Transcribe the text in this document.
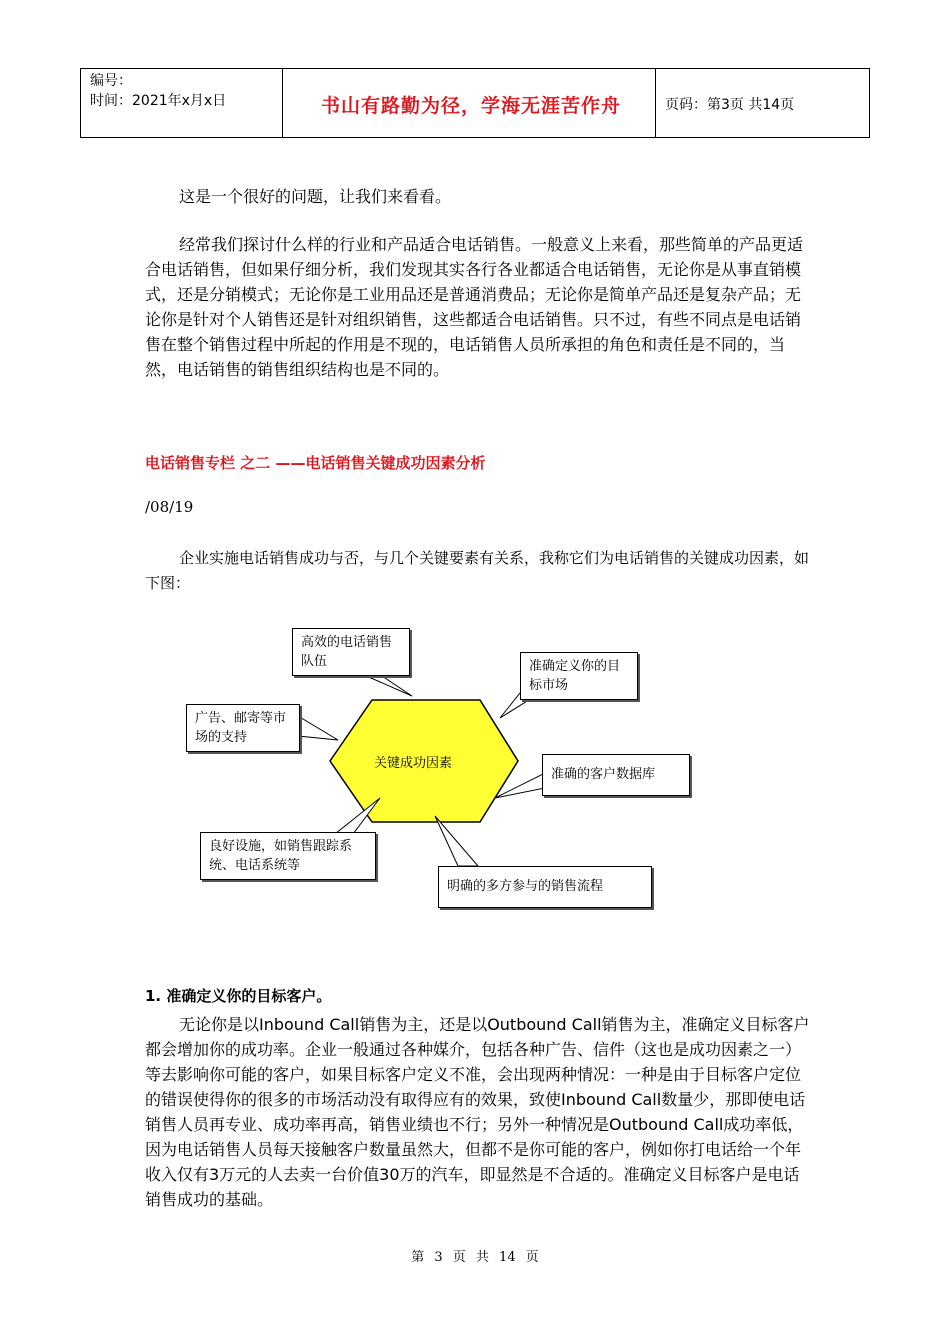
编号：
时间：2021年x月x日	书山有路勤为径，学海无涯苦作舟	页码：第3页 共14页
这是一个很好的问题，让我们来看看。
经常我们探讨什么样的行业和产品适合电话销售。一般意义上来看，那些简单的产品更适合电话销售，但如果仔细分析，我们发现其实各行各业都适合电话销售，无论你是从事直销模式，还是分销模式；无论你是工业用品还是普通消费品；无论你是简单产品还是复杂产品；无论你是针对个人销售还是针对组织销售，这些都适合电话销售。只不过，有些不同点是电话销售在整个销售过程中所起的作用是不现的，电话销售人员所承担的角色和责任是不同的，当然，电话销售的销售组织结构也是不同的。
电话销售专栏 之二 ——电话销售关键成功因素分析
/08/19
企业实施电话销售成功与否，与几个关键要素有关系，我称它们为电话销售的关键成功因素，如下图：
关键成功因素
高效的电话销售队伍	准确定义你的目标市场
广告、邮寄等市场的支持
准确的客户数据库
良好设施，如销售跟踪系统、电话系统等
明确的多方参与的销售流程
1. 准确定义你的目标客户。
无论你是以Inbound Call销售为主，还是以Outbound Call销售为主，准确定义目标客户都会增加你的成功率。企业一般通过各种媒介，包括各种广告、信件（这也是成功因素之一）等去影响你可能的客户，如果目标客户定义不准，会出现两种情况：一种是由于目标客户定位的错误使得你的很多的市场活动没有取得应有的效果，致使Inbound Call数量少，那即使电话销售人员再专业、成功率再高，销售业绩也不行；另外一种情况是Outbound Call成功率低，因为电话销售人员每天接触客户数量虽然大，但都不是你可能的客户，例如你打电话给一个年收入仅有3万元的人去卖一台价值30万的汽车，即显然是不合适的。准确定义目标客户是电话销售成功的基础。
第 3 页 共 14 页
